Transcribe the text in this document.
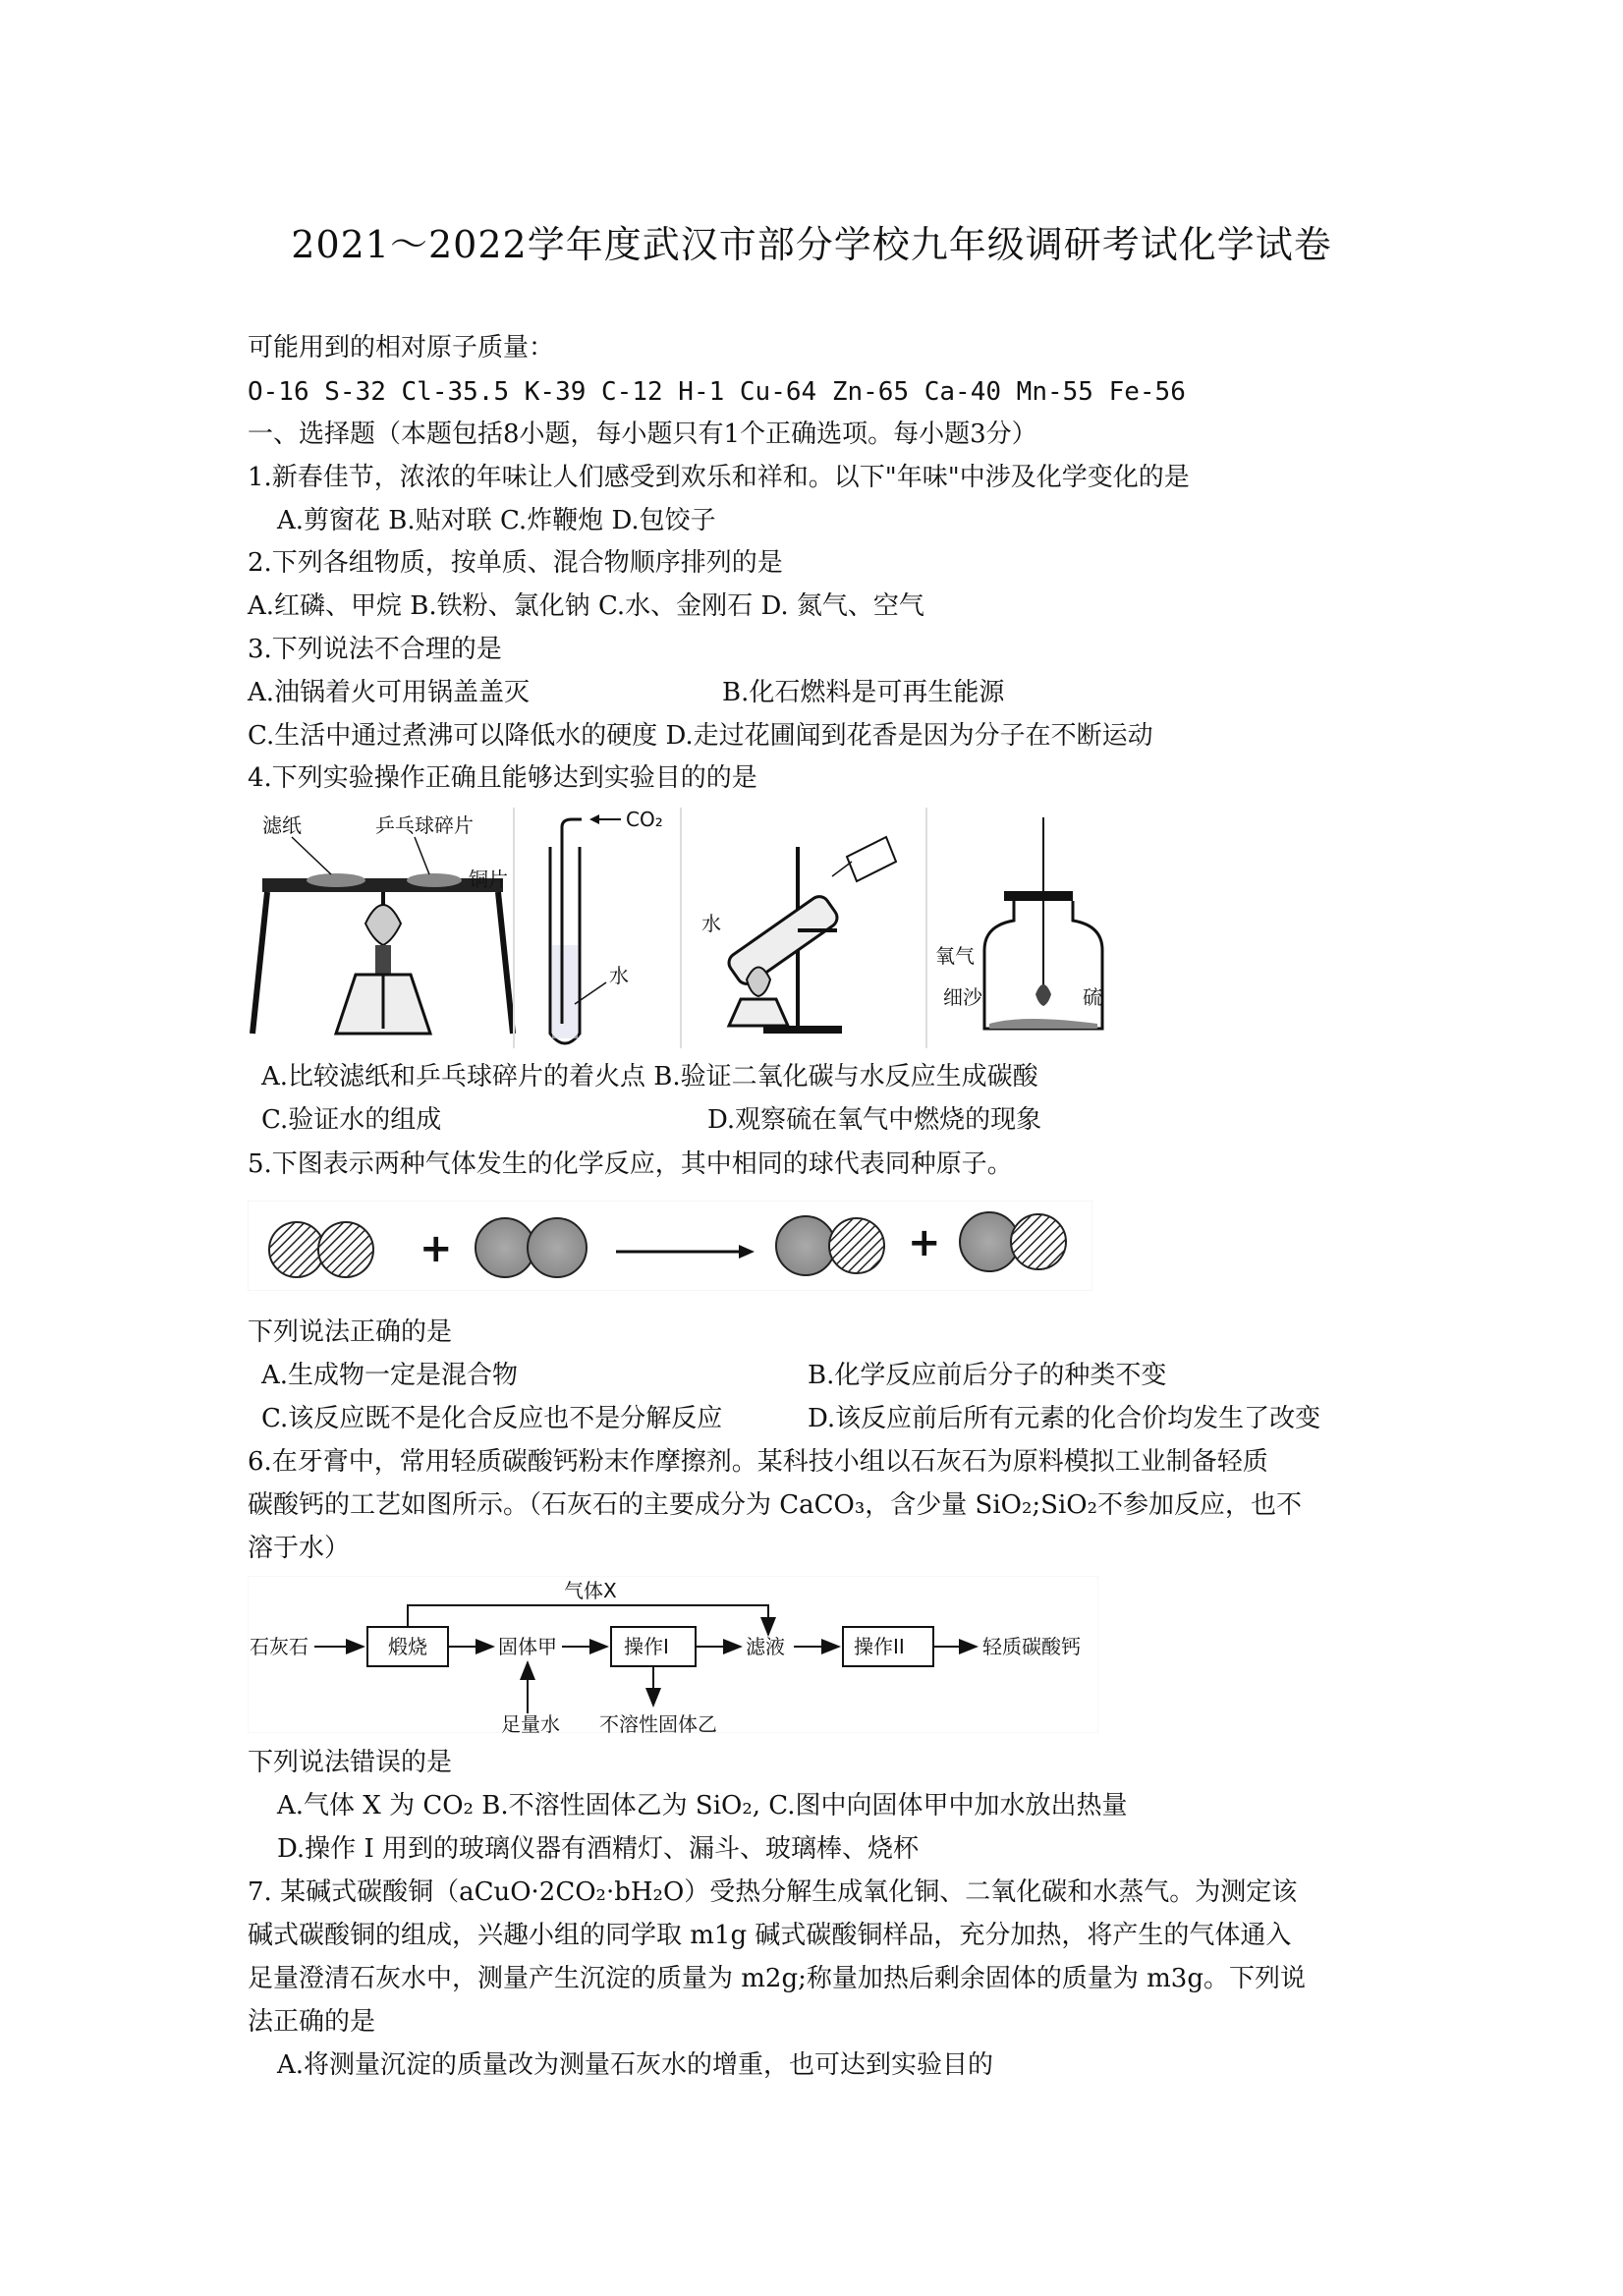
2021～2022学年度武汉市部分学校九年级调研考试化学试卷
可能用到的相对原子质量：
O-16 S-32 Cl-35.5 K-39 C-12 H-1 Cu-64 Zn-65 Ca-40 Mn-55 Fe-56
一、选择题（本题包括8小题，每小题只有1个正确选项。每小题3分）
1.新春佳节，浓浓的年味让人们感受到欢乐和祥和。以下"年味"中涉及化学变化的是
A.剪窗花 B.贴对联 C.炸鞭炮 D.包饺子
2.下列各组物质，按单质、混合物顺序排列的是
A.红磷、甲烷 B.铁粉、氯化钠 C.水、金刚石 D. 氮气、空气
3.下列说法不合理的是
A.油锅着火可用锅盖盖灭	B.化石燃料是可再生能源
C.生活中通过煮沸可以降低水的硬度 D.走过花圃闻到花香是因为分子在不断运动
4.下列实验操作正确且能够达到实验目的的是
滤纸	乒乓球碎片
铜片
CO₂
水
水
氧气
细沙	硫
A.比较滤纸和乒乓球碎片的着火点 B.验证二氧化碳与水反应生成碳酸
C.验证水的组成	D.观察硫在氧气中燃烧的现象
5.下图表示两种气体发生的化学反应，其中相同的球代表同种原子。
+	+
下列说法正确的是
A.生成物一定是混合物	B.化学反应前后分子的种类不变
C.该反应既不是化合反应也不是分解反应	D.该反应前后所有元素的化合价均发生了改变
6.在牙膏中，常用轻质碳酸钙粉末作摩擦剂。某科技小组以石灰石为原料模拟工业制备轻质
碳酸钙的工艺如图所示。（石灰石的主要成分为 CaCO₃，含少量 SiO₂;SiO₂不参加反应，也不
溶于水）
石灰石	煅烧	固体甲	操作I	滤液	操作II	轻质碳酸钙
气体X
足量水 不溶性固体乙
下列说法错误的是
A.气体 X 为 CO₂ B.不溶性固体乙为 SiO₂, C.图中向固体甲中加水放出热量
D.操作 I 用到的玻璃仪器有酒精灯、漏斗、玻璃棒、烧杯
7. 某碱式碳酸铜（aCuO·2CO₂·bH₂O）受热分解生成氧化铜、二氧化碳和水蒸气。为测定该
碱式碳酸铜的组成，兴趣小组的同学取 m1g 碱式碳酸铜样品，充分加热，将产生的气体通入
足量澄清石灰水中，测量产生沉淀的质量为 m2g;称量加热后剩余固体的质量为 m3g。下列说
法正确的是
A.将测量沉淀的质量改为测量石灰水的增重，也可达到实验目的
